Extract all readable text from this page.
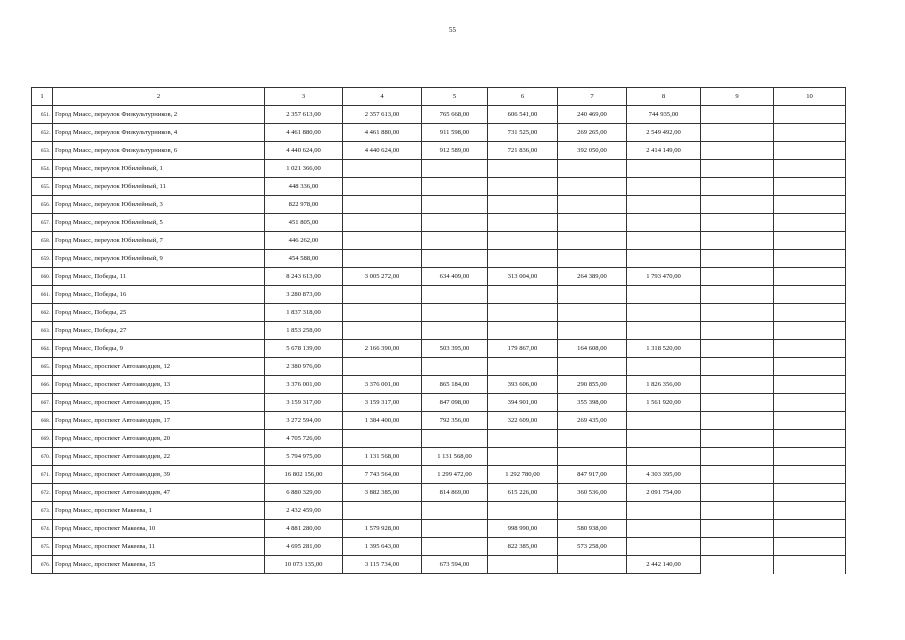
55
1	2	3	4	5	6	7	8	9	10
651.	Город Миасс, переулок Физкультурников, 2	2 357 613,00	2 357 613,00	765 668,00	606 541,00	240 469,00	744 935,00		
652.	Город Миасс, переулок Физкультурников, 4	4 461 880,00	4 461 880,00	911 598,00	731 525,00	269 265,00	2 549 492,00		
653.	Город Миасс, переулок Физкультурников, 6	4 440 624,00	4 440 624,00	912 589,00	721 836,00	392 050,00	2 414 149,00		
654.	Город Миасс, переулок Юбилейный, 1	1 021 366,00							
655.	Город Миасс, переулок Юбилейный, 11	448 336,00							
656.	Город Миасс, переулок Юбилейный, 3	822 978,00							
657.	Город Миасс, переулок Юбилейный, 5	451 805,00							
658.	Город Миасс, переулок Юбилейный, 7	446 262,00							
659.	Город Миасс, переулок Юбилейный, 9	454 588,00							
660.	Город Миасс, Победы, 11	8 243 613,00	3 005 272,00	634 409,00	313 004,00	264 389,00	1 793 470,00		
661.	Город Миасс, Победы, 16	3 280 873,00							
662.	Город Миасс, Победы, 25	1 837 318,00							
663.	Город Миасс, Победы, 27	1 853 258,00							
664.	Город Миасс, Победы, 9	5 678 139,00	2 166 390,00	503 395,00	179 867,00	164 608,00	1 318 520,00		
665.	Город Миасс, проспект Автозаводцев, 12	2 380 976,00							
666.	Город Миасс, проспект Автозаводцев, 13	3 376 001,00	3 376 001,00	865 184,00	393 606,00	290 855,00	1 826 356,00		
667.	Город Миасс, проспект Автозаводцев, 15	3 159 317,00	3 159 317,00	847 098,00	394 901,00	355 398,00	1 561 920,00		
668.	Город Миасс, проспект Автозаводцев, 17	3 272 594,00	1 384 400,00	792 356,00	322 609,00	269 435,00			
669.	Город Миасс, проспект Автозаводцев, 20	4 705 726,00							
670.	Город Миасс, проспект Автозаводцев, 22	5 794 975,00	1 131 568,00	1 131 568,00					
671.	Город Миасс, проспект Автозаводцев, 39	16 802 156,00	7 743 564,00	1 299 472,00	1 292 780,00	847 917,00	4 303 395,00		
672.	Город Миасс, проспект Автозаводцев, 47	6 880 329,00	3 882 385,00	814 869,00	615 226,00	360 536,00	2 091 754,00		
673.	Город Миасс, проспект Макеева, 1	2 432 459,00							
674.	Город Миасс, проспект Макеева, 10	4 881 280,00	1 579 928,00		998 990,00	580 938,00			
675.	Город Миасс, проспект Макеева, 11	4 695 281,00	1 395 643,00		822 385,00	573 258,00			
676.	Город Миасс, проспект Макеева, 15	10 073 135,00	3 115 734,00	673 594,00			2 442 140,00		
